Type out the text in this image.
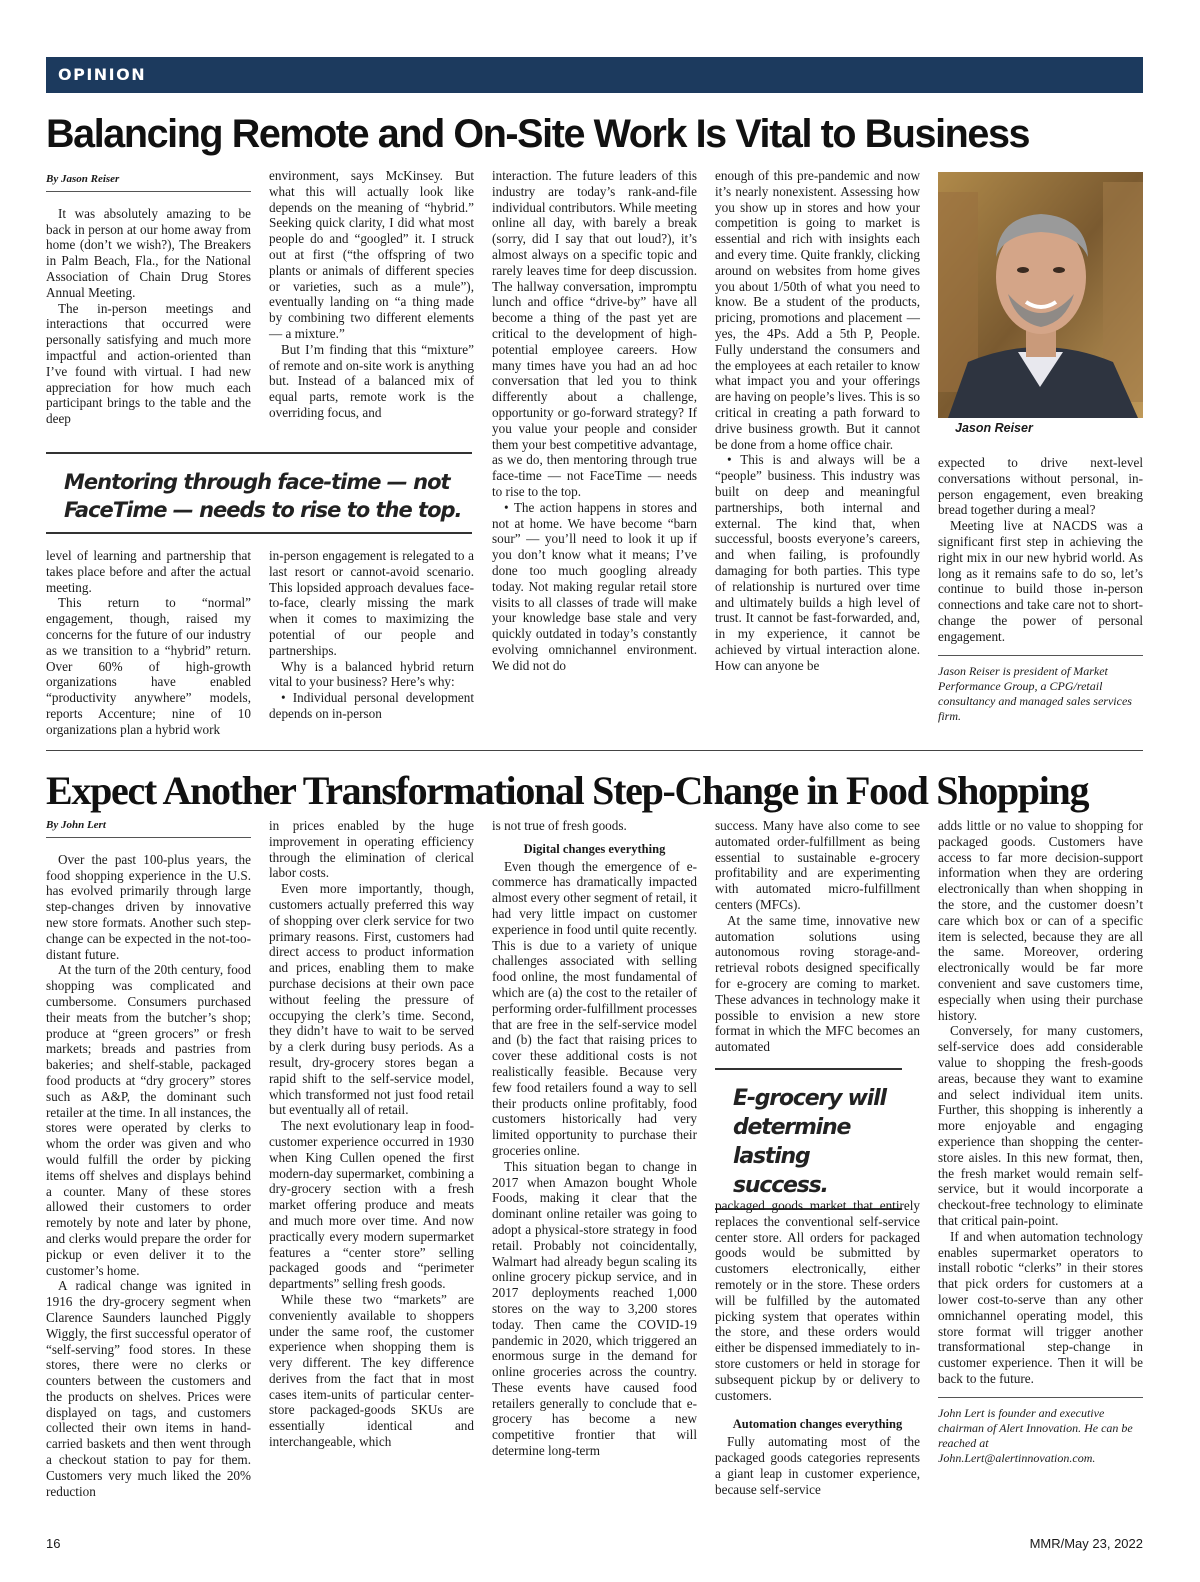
OPINION
Balancing Remote and On-Site Work Is Vital to Business
By Jason Reiser

It was absolutely amazing to be back in person at our home away from home (don’t we wish?), The Breakers in Palm Beach, Fla., for the National Association of Chain Drug Stores Annual Meeting.

The in-person meetings and interactions that occurred were personally satisfying and much more impactful and action-oriented than I’ve found with virtual. I had new appreciation for how much each participant brings to the table and the deep

environment, says McKinsey. But what this will actually look like depends on the meaning of “hybrid.” Seeking quick clarity, I did what most people do and “googled” it. I struck out at first (“the offspring of two plants or animals of different species or varieties, such as a mule”), eventually landing on “a thing made by combining two different elements — a mixture.”

But I’m finding that this “mixture” of remote and on-site work is anything but. Instead of a balanced mix of equal parts, remote work is the overriding focus, and

Mentoring through face-time — not FaceTime — needs to rise to the top.

level of learning and partnership that takes place before and after the actual meeting.

This return to “normal” engagement, though, raised my concerns for the future of our industry as we transition to a “hybrid” return. Over 60% of high-growth organizations have enabled “productivity anywhere” models, reports Accenture; nine of 10 organizations plan a hybrid work

in-person engagement is relegated to a last resort or cannot-avoid scenario. This lopsided approach devalues face-to-face, clearly missing the mark when it comes to maximizing the potential of our people and partnerships.

Why is a balanced hybrid return vital to your business? Here’s why:

• Individual personal development depends on in-person

interaction. The future leaders of this industry are today’s rank-and-file individual contributors. While meeting online all day, with barely a break (sorry, did I say that out loud?), it’s almost always on a specific topic and rarely leaves time for deep discussion. The hallway conversation, impromptu lunch and office “drive-by” have all become a thing of the past yet are critical to the development of high-potential employee careers. How many times have you had an ad hoc conversation that led you to think differently about a challenge, opportunity or go-forward strategy? If you value your people and consider them your best competitive advantage, as we do, then mentoring through true face-time — not FaceTime — needs to rise to the top.

• The action happens in stores and not at home. We have become “barn sour” — you’ll need to look it up if you don’t know what it means; I’ve done too much googling already today. Not making regular retail store visits to all classes of trade will make your knowledge base stale and very quickly outdated in today’s constantly evolving omnichannel environment. We did not do

enough of this pre-pandemic and now it’s nearly nonexistent. Assessing how you show up in stores and how your competition is going to market is essential and rich with insights each and every time. Quite frankly, clicking around on websites from home gives you about 1/50th of what you need to know. Be a student of the products, pricing, promotions and placement — yes, the 4Ps. Add a 5th P, People. Fully understand the consumers and the employees at each retailer to know what impact you and your offerings are having on people’s lives. This is so critical in creating a path forward to drive business growth. But it cannot be done from a home office chair.

• This is and always will be a “people” business. This industry was built on deep and meaningful partnerships, both internal and external. The kind that, when successful, boosts everyone’s careers, and when failing, is profoundly damaging for both parties. This type of relationship is nurtured over time and ultimately builds a high level of trust. It cannot be fast-forwarded, and, in my experience, it cannot be achieved by virtual interaction alone. How can anyone be

Jason Reiser

expected to drive next-level conversations without personal, in-person engagement, even breaking bread together during a meal?

Meeting live at NACDS was a significant first step in achieving the right mix in our new hybrid world. As long as it remains safe to do so, let’s continue to build those in-person connections and take care not to short-change the power of personal engagement.

Jason Reiser is president of Market Performance Group, a CPG/retail consultancy and managed sales services firm.
Expect Another Transformational Step-Change in Food Shopping
By John Lert

Over the past 100-plus years, the food shopping experience in the U.S. has evolved primarily through large step-changes driven by innovative new store formats. Another such step-change can be expected in the not-too-distant future.

At the turn of the 20th century, food shopping was complicated and cumbersome. Consumers purchased their meats from the butcher’s shop; produce at “green grocers” or fresh markets; breads and pastries from bakeries; and shelf-stable, packaged food products at “dry grocery” stores such as A&P, the dominant such retailer at the time. In all instances, the stores were operated by clerks to whom the order was given and who would fulfill the order by picking items off shelves and displays behind a counter. Many of these stores allowed their customers to order remotely by note and later by phone, and clerks would prepare the order for pickup or even deliver it to the customer’s home.

A radical change was ignited in 1916 the dry-grocery segment when Clarence Saunders launched Piggly Wiggly, the first successful operator of “self-serving” food stores. In these stores, there were no clerks or counters between the customers and the products on shelves. Prices were displayed on tags, and customers collected their own items in hand-carried baskets and then went through a checkout station to pay for them. Customers very much liked the 20% reduction

in prices enabled by the huge improvement in operating efficiency through the elimination of clerical labor costs.

Even more importantly, though, customers actually preferred this way of shopping over clerk service for two primary reasons. First, customers had direct access to product information and prices, enabling them to make purchase decisions at their own pace without feeling the pressure of occupying the clerk’s time. Second, they didn’t have to wait to be served by a clerk during busy periods. As a result, dry-grocery stores began a rapid shift to the self-service model, which transformed not just food retail but eventually all of retail.

The next evolutionary leap in food-customer experience occurred in 1930 when King Cullen opened the first modern-day supermarket, combining a dry-grocery section with a fresh market offering produce and meats and much more over time. And now practically every modern supermarket features a “center store” selling packaged goods and “perimeter departments” selling fresh goods.

While these two “markets” are conveniently available to shoppers under the same roof, the customer experience when shopping them is very different. The key difference derives from the fact that in most cases item-units of particular center-store packaged-goods SKUs are essentially identical and interchangeable, which

is not true of fresh goods.

Digital changes everything

Even though the emergence of e-commerce has dramatically impacted almost every other segment of retail, it had very little impact on customer experience in food until quite recently. This is due to a variety of unique challenges associated with selling food online, the most fundamental of which are (a) the cost to the retailer of performing order-fulfillment processes that are free in the self-service model and (b) the fact that raising prices to cover these additional costs is not realistically feasible. Because very few food retailers found a way to sell their products online profitably, food customers historically had very limited opportunity to purchase their groceries online.

This situation began to change in 2017 when Amazon bought Whole Foods, making it clear that the dominant online retailer was going to adopt a physical-store strategy in food retail. Probably not coincidentally, Walmart had already begun scaling its online grocery pickup service, and in 2017 deployments reached 1,000 stores on the way to 3,200 stores today. Then came the COVID-19 pandemic in 2020, which triggered an enormous surge in the demand for online groceries across the country. These events have caused food retailers generally to conclude that e-grocery has become a new competitive frontier that will determine long-term

success. Many have also come to see automated order-fulfillment as being essential to sustainable e-grocery profitability and are experimenting with automated micro-fulfillment centers (MFCs).

At the same time, innovative new automation solutions using autonomous roving storage-and-retrieval robots designed specifically for e-grocery are coming to market. These advances in technology make it possible to envision a new store format in which the MFC becomes an automated

E-grocery will determine lasting success.

packaged goods market that entirely replaces the conventional self-service center store. All orders for packaged goods would be submitted by customers electronically, either remotely or in the store. These orders will be fulfilled by the automated picking system that operates within the store, and these orders would either be dispensed immediately to in-store customers or held in storage for subsequent pickup by or delivery to customers.

Automation changes everything

Fully automating most of the packaged goods categories represents a giant leap in customer experience, because self-service

adds little or no value to shopping for packaged goods. Customers have access to far more decision-support information when they are ordering electronically than when shopping in the store, and the customer doesn’t care which box or can of a specific item is selected, because they are all the same. Moreover, ordering electronically would be far more convenient and save customers time, especially when using their purchase history.

Conversely, for many customers, self-service does add considerable value to shopping the fresh-goods areas, because they want to examine and select individual item units. Further, this shopping is inherently a more enjoyable and engaging experience than shopping the center-store aisles. In this new format, then, the fresh market would remain self-service, but it would incorporate a checkout-free technology to eliminate that critical pain-point.

If and when automation technology enables supermarket operators to install robotic “clerks” in their stores that pick orders for customers at a lower cost-to-serve than any other omnichannel operating model, this store format will trigger another transformational step-change in customer experience. Then it will be back to the future.

John Lert is founder and executive chairman of Alert Innovation. He can be reached at John.Lert@alertinnovation.com.
16	MMR/May 23, 2022
